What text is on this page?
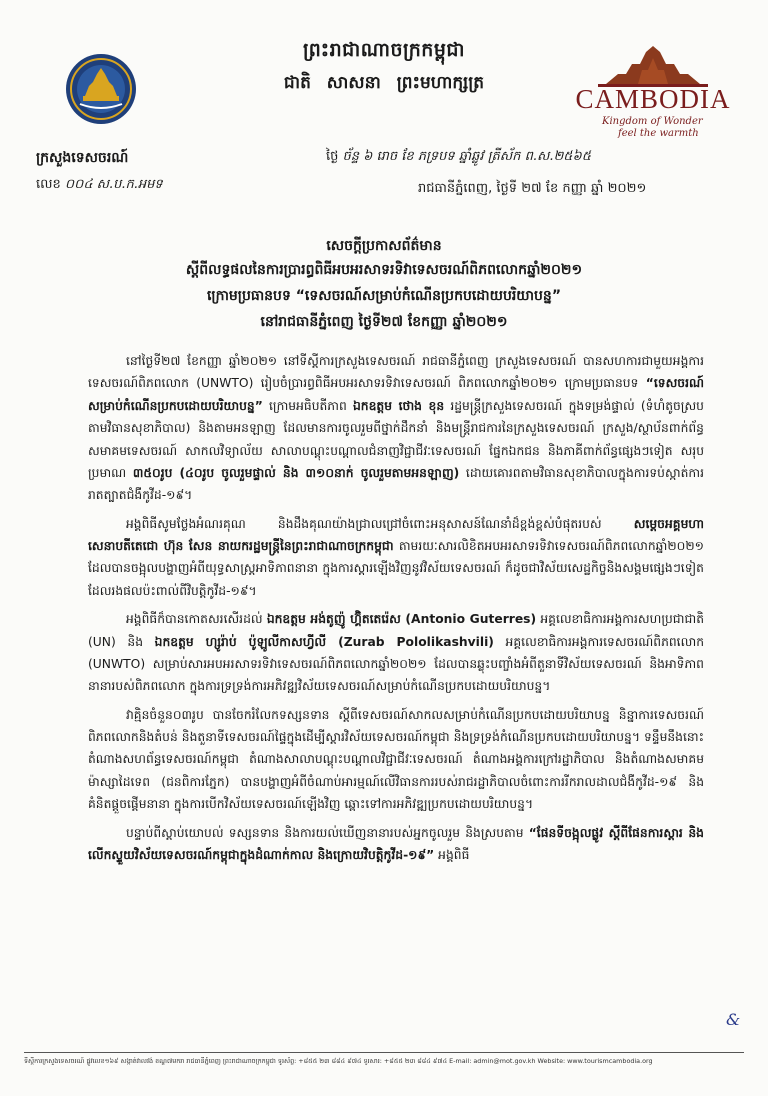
ព្រះរាជាណាចក្រកម្ពុជា
ជាតិ សាសនា ព្រះមហាក្សត្រ
ក្រសួងទេសចរណ៍
លេខ ០០៤ ស.ប.ក.អមទ
CAMBODIA
Kingdom of Wonder
feel the warmth
ថ្ងៃ ច័ន្ទ ៦ រោច ខែ ភទ្របទ ឆ្នាំឆ្លូវ ត្រីស័ក ព.ស.២៥៦៥
រាជធានីភ្នំពេញ, ថ្ងៃទី ២៧ ខែ កញ្ញា ឆ្នាំ ២០២១
សេចក្តីប្រកាសព័ត៌មាន
ស្តីពីលទ្ធផលនៃការប្រារព្ធពិធីអបអរសាទរទិវាទេសចរណ៍ពិភពលោកឆ្នាំ២០២១
ក្រោមប្រធានបទ “ទេសចរណ៍សម្រាប់កំណើនប្រកបដោយបរិយាបន្ន”
នៅរាជធានីភ្នំពេញ ថ្ងៃទី២៧ ខែកញ្ញា ឆ្នាំ២០២១

នៅថ្ងៃទី២៧ ខែកញ្ញា ឆ្នាំ២០២១ នៅទីស្តីការក្រសួងទេសចរណ៍ រាជធានីភ្នំពេញ ក្រសួងទេសចរណ៍ បានសហការជាមួយអង្គការទេសចរណ៍ពិភពលោក (UNWTO) រៀបចំប្រារព្ធពិធីអបអរសាទរទិវាទេសចរណ៍ ពិភពលោកឆ្នាំ២០២១ ក្រោមប្រធានបទ “ទេសចរណ៍សម្រាប់កំណើនប្រកបដោយបរិយាបន្ន” ក្រោមអធិបតីភាព ឯកឧត្តម ថោង ខុន រដ្ឋមន្ត្រីក្រសួងទេសចរណ៍ ក្នុងទម្រង់ផ្ទាល់ (ទំហំតូចស្របតាមវិធានសុខាភិបាល) និងតាមអនឡាញ ដែលមានការចូលរួមពីថ្នាក់ដឹកនាំ និងមន្ត្រីរាជការនៃក្រសួងទេសចរណ៍ ក្រសួង/ស្ថាប័នពាក់ព័ន្ធ សមាគមទេសចរណ៍ សាកលវិទ្យាល័យ សាលាបណ្តុះបណ្តាលជំនាញវិជ្ជាជីវៈទេសចរណ៍ ផ្នែកឯកជន និងភាគីពាក់ព័ន្ធផ្សេងៗទៀត សរុបប្រមាណ ៣៥០រូប (៤០រូប ចូលរួមផ្ទាល់ និង ៣១០នាក់ ចូលរួមតាមអនឡាញ) ដោយគោរពតាមវិធានសុខាភិបាលក្នុងការទប់ស្កាត់ការរាតត្បាតជំងឺកូវីដ-១៩។

អង្គពិធីសូមថ្លែងអំណរគុណ និងដឹងគុណយ៉ាងជ្រាលជ្រៅចំពោះអនុសាសន៍ណែនាំដ៏ខ្ពង់ខ្ពស់បំផុតរបស់ សម្តេចអគ្គមហាសេនាបតីតេជោ ហ៊ុន សែន នាយករដ្ឋមន្ត្រីនៃព្រះរាជាណាចក្រកម្ពុជា តាមរយៈសារលិខិតអបអរសាទរទិវាទេសចរណ៍ពិភពលោកឆ្នាំ២០២១ ដែលបានចង្អុលបង្ហាញអំពីយុទ្ធសាស្ត្រអាទិភាពនានា ក្នុងការស្តារឡើងវិញនូវវិស័យទេសចរណ៍ ក៏ដូចជាវិស័យសេដ្ឋកិច្ចនិងសង្គមផ្សេងៗទៀតដែលរងផលប៉ះពាល់ពីវិបត្តិកូវីដ-១៩។

អង្គពិធីក៏បានកោតសរសើរដល់ ឯកឧត្តម អង់តូញ៉ូ ហ្គ៊ិតតេរ៉េស (Antonio Guterres) អគ្គលេខាធិការអង្គការសហប្រជាជាតិ (UN) និង ឯកឧត្តម ហ្សូរ៉ាប់ ប៉ូឡូលីកាសហ្វីលី (Zurab Pololikashvili) អគ្គលេខាធិការអង្គការទេសចរណ៍ពិភពលោក (UNWTO) សម្រាប់សារអបអរសាទរទិវាទេសចរណ៍ពិភពលោកឆ្នាំ២០២១ ដែលបានឆ្លុះបញ្ចាំងអំពីតួនាទីវិស័យទេសចរណ៍ និងអាទិភាពនានារបស់ពិភពលោក ក្នុងការទ្រទ្រង់ការអភិវឌ្ឍវិស័យទេសចរណ៍សម្រាប់កំណើនប្រកបដោយបរិយាបន្ន។

វាគ្មិនចំនួន០៣រូប បានចែករំលែកទស្សនទាន ស្តីពីទេសចរណ៍សាកលសម្រាប់កំណើនប្រកបដោយបរិយាបន្ន និន្នាការទេសចរណ៍ពិភពលោកនិងតំបន់ និងតួនាទីទេសចរណ៍ផ្ទៃក្នុងដើម្បីស្តារវិស័យទេសចរណ៍កម្ពុជា និងទ្រទ្រង់កំណើនប្រកបដោយបរិយាបន្ន។ ទន្ទឹមនឹងនោះ តំណាងសហព័ន្ធទេសចរណ៍កម្ពុជា តំណាងសាលាបណ្តុះបណ្តាលវិជ្ជាជីវៈទេសចរណ៍ តំណាងអង្គការក្រៅរដ្ឋាភិបាល និងតំណាងសមាគមម៉ាស្សាដៃទេព (ជនពិការភ្នែក) បានបង្ហាញអំពីចំណាប់អារម្មណ៍លើវិធានការរបស់រាជរដ្ឋាភិបាលចំពោះការរីករាលដាលជំងឺកូវីដ-១៩ និងគំនិតផ្តួចផ្តើមនានា ក្នុងការបើកវិស័យទេសចរណ៍ឡើងវិញ ឆ្ពោះទៅការអភិវឌ្ឍប្រកបដោយបរិយាបន្ន។

បន្ទាប់ពីស្តាប់យោបល់ ទស្សនទាន និងការយល់ឃើញនានារបស់អ្នកចូលរួម និងស្របតាម “ផែនទីចង្អុលផ្លូវ ស្តីពីផែនការស្តារ និងលើកស្ទួយវិស័យទេសចរណ៍កម្ពុជាក្នុងដំណាក់កាល និងក្រោយវិបត្តិកូវីដ-១៩” អង្គពិធី

&
ទីស្តីការក្រសួងទេសចរណ៍ ផ្លូវលេខ១៦៩ សង្កាត់វាលវង់ ខណ្ឌ៧មករា រាជធានីភ្នំពេញ ព្រះរាជាណាចក្រកម្ពុជា ទូរស័ព្ទ: +៨៥៥ ២៣ ៨៨៤ ៩៧៤ ទូរសារ: +៨៥៥ ២៣ ៨៨៤ ៩៧៤ E-mail: admin@mot.gov.kh Website: www.tourismcambodia.org
